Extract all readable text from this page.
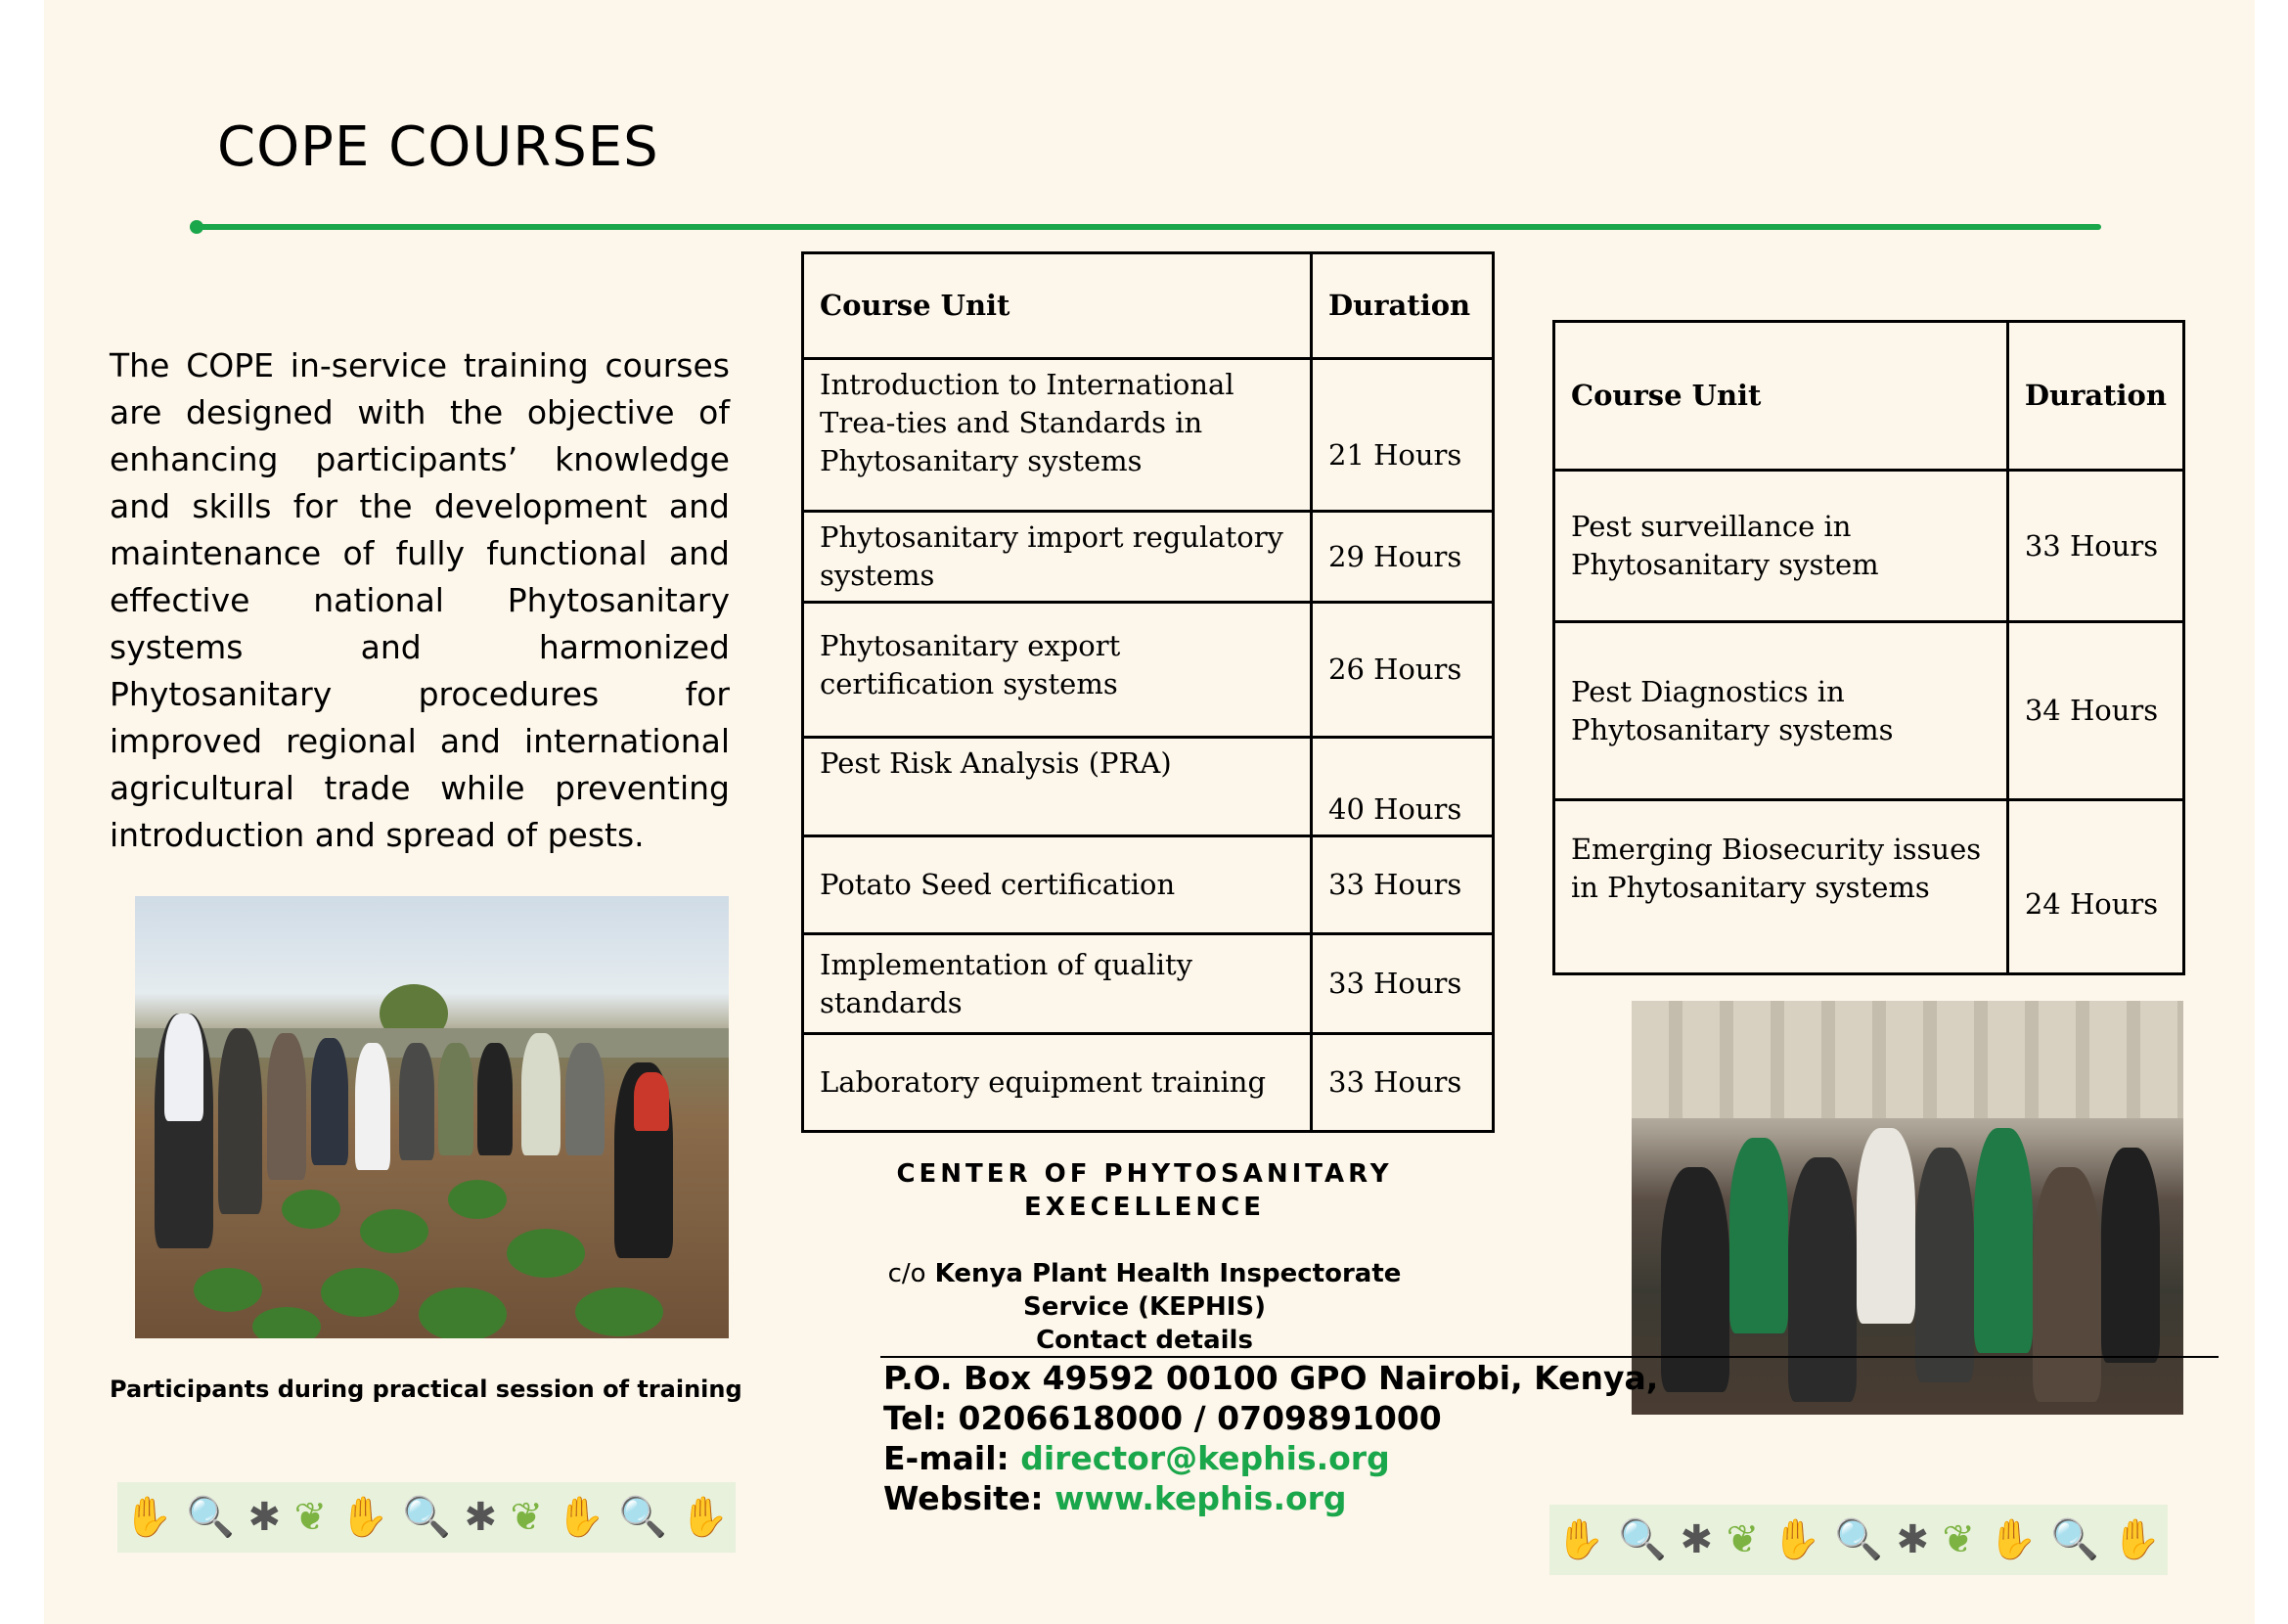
COPE COURSES
The COPE in-service training courses are designed with the objective of enhancing participants’ knowledge and skills for the development and maintenance of fully functional and effective national Phytosanitary systems and harmonized Phytosanitary procedures for improved regional and international agricultural trade while preventing introduction and spread of pests.
Participants during practical session of training
Course Unit	Duration
Introduction to International Trea-ties and Standards in Phytosanitary systems	21 Hours
Phytosanitary import regulatory systems	29 Hours
Phytosanitary export certification systems	26 Hours
Pest Risk Analysis (PRA)	40 Hours
Potato Seed certification	33 Hours
Implementation of quality standards	33 Hours
Laboratory equipment training	33 Hours
Course Unit	Duration
Pest surveillance in Phytosanitary system	33 Hours
Pest Diagnostics in Phytosanitary systems	34 Hours
Emerging Biosecurity issues in Phytosanitary systems	24 Hours
CENTER OF PHYTOSANITARY
EXECELLENCE
c/o Kenya Plant Health Inspectorate
Service (KEPHIS)
Contact details
P.O. Box 49592 00100 GPO Nairobi, Kenya,
Tel: 0206618000 / 0709891000
E-mail: director@kephis.org
Website: www.kephis.org
✋ 🔍 ✱ ❦ ✋ 🔍 ✱ ❦ ✋ 🔍 ✋	✋ 🔍 ✱ ❦ ✋ 🔍 ✱ ❦ ✋ 🔍 ✋
